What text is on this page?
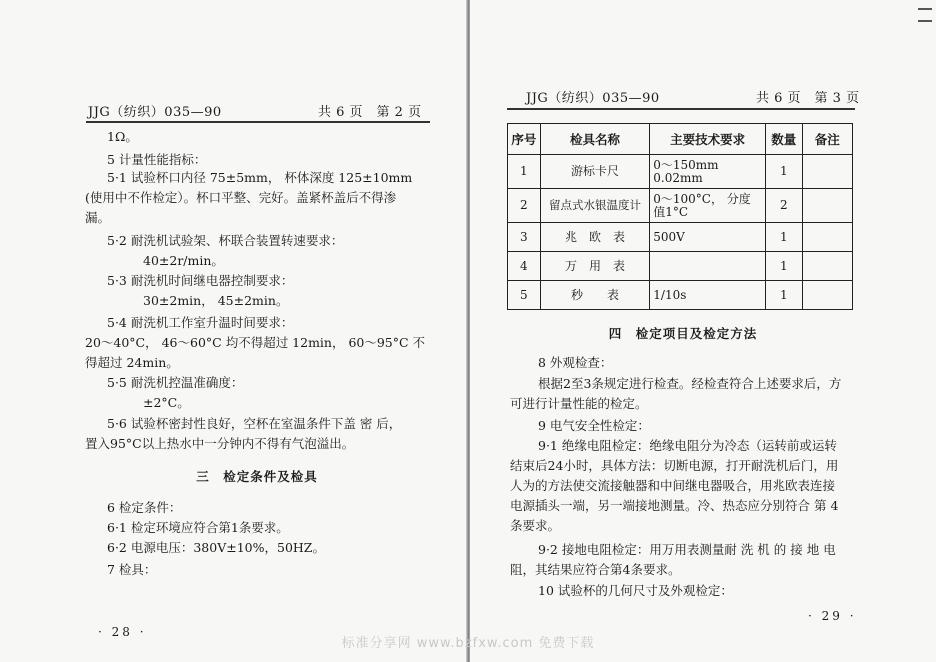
JJG（纺织）035—90	共 6 页　第 2 页
1Ω。
5 计量性能指标：
5·1 试验杯口内径 75±5mm， 杯体深度 125±10mm
(使用中不作检定）。杯口平整、完好。盖紧杯盖后不得渗
漏。
5·2 耐洗机试验架、杯联合装置转速要求：
40±2r/min。
5·3 耐洗机时间继电器控制要求：
30±2min， 45±2min。
5·4 耐洗机工作室升温时间要求：
20～40°C， 46～60°C 均不得超过 12min， 60～95°C 不
得超过 24min。
5·5 耐洗机控温准确度：
±2°C。
5·6 试验杯密封性良好，空杯在室温条件下盖 密 后，
置入95°C以上热水中一分钟内不得有气泡溢出。
三　检定条件及检具
6 检定条件：
6·1 检定环境应符合第1条要求。
6·2 电源电压：380V±10%，50HZ。
7 检具：
· 28 ·
JJG（纺织）035—90	共 6 页　第 3 页
四　检定项目及检定方法
8 外观检查：
根据2至3条规定进行检查。经检查符合上述要求后，方
可进行计量性能的检定。
9 电气安全性检定：
9·1 绝缘电阻检定：绝缘电阻分为冷态（运转前或运转
结束后24小时，具体方法：切断电源，打开耐洗机后门，用
人为的方法使交流接触器和中间继电器吸合，用兆欧表连接
电源插头一端，另一端接地测量。冷、热态应分别符合 第 4
条要求。
9·2 接地电阻检定：用万用表测量耐 洗 机 的 接 地 电
阻，其结果应符合第4条要求。
10 试验杯的几何尺寸及外观检定：
· 29 ·
序号	检具名称	主要技术要求	数量	备注
1	游标卡尺	0～150mm
0.02mm	1	
2	留点式水银温度计	0～100°C， 分度
值1°C	2	
3	兆　欧　表	500V	1	
4	万　用　表		1	
5	秒　　表	1/10s	1	
标准分享网 www.bzfxw.com 免费下载
